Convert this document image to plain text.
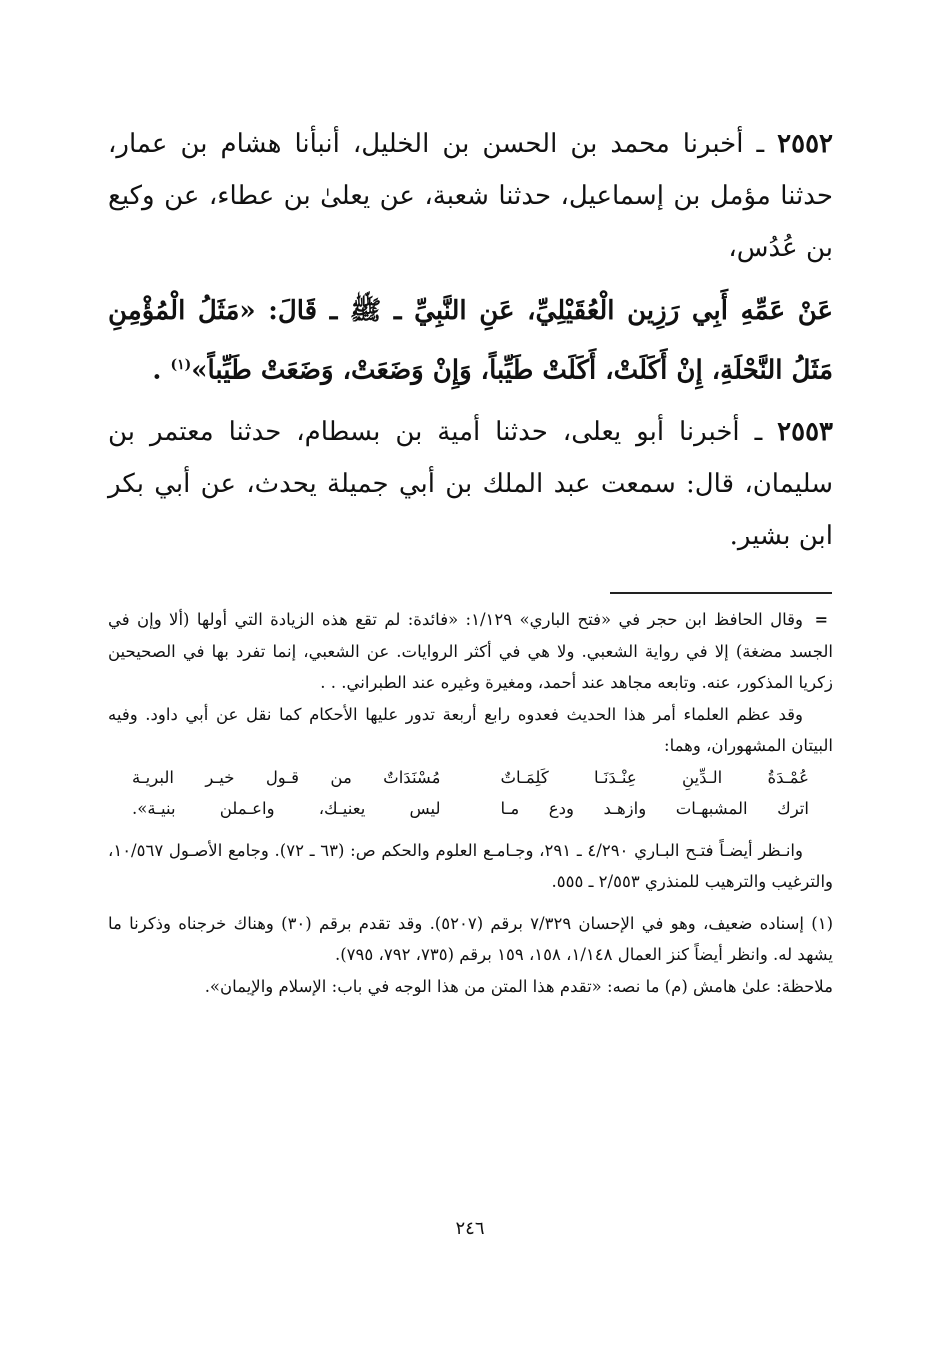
٢٥٥٢ ـ أخبرنا محمد بن الحسن بن الخليل، أنبأنا هشام بن عمار، حدثنا مؤمل بن إسماعيل، حدثنا شعبة، عن يعلىٰ بن عطاء، عن وكيع بن عُدُس،

عَنْ عَمِّهِ أَبِي رَزِين الْعُقَيْلِيِّ، عَنِ النَّبِيِّ ـ ﷺ ـ قَالَ: «مَثَلُ الْمُؤْمِنِ مَثَلُ النَّحْلَةِ، إِنْ أَكَلَتْ، أَكَلَتْ طَيِّباً، وَإِنْ وَضَعَتْ، وَضَعَتْ طَيِّباً»$^{(١)}$ .

٢٥٥٣ ـ أخبرنا أبو يعلى، حدثنا أمية بن بسطام، حدثنا معتمر بن سليمان، قال: سمعت عبد الملك بن أبي جميلة يحدث، عن أبي بكر ابن بشير.

=

وقال الحافظ ابن حجر في «فتح الباري» ١/١٢٩: «فائدة: لم تقع هذه الزيادة التي أولها (ألا وإن في الجسد مضغة) إلا في رواية الشعبي. ولا هي في أكثر الروايات. عن الشعبي، إنما تفرد بها في الصحيحين زكريا المذكور، عنه. وتابعه مجاهد عند أحمد، ومغيرة وغيره عند الطبراني. . .

وقد عظم العلماء أمر هذا الحديث فعدوه رابع أربعة تدور عليها الأحكام كما نقل عن أبي داود. وفيه البيتان المشهوران، وهما:

عُمْـدَةُ الـدِّينِ عِنْـدَنَـا كَلِمَـاتٌ

مُسْنَدَاتٌ من قـول خيـر البريـة

اترك المشبهـات وازهـد ودع مـا

ليس يعنيـك، واعـملن بنيـة».

وانـظر أيضـاً فتـح البـاري ٤/٢٩٠ ـ ٢٩١، وجـامـع العلوم والحكم ص: (٦٣ ـ ٧٢). وجامع الأصـول ١٠/٥٦٧، والترغيب والترهيب للمنذري ٢/٥٥٣ ـ ٥٥٥.

(١) إسناده ضعيف، وهو في الإحسان ٧/٣٢٩ برقم (٥٢٠٧). وقد تقدم برقم (٣٠) وهناك خرجناه وذكرنا ما يشهد له. وانظر أيضاً كنز العمال ١/١٤٨، ١٥٨، ١٥٩ برقم (٧٣٥، ٧٩٢، ٧٩٥).

ملاحظة: علىٰ هامش (م) ما نصه: «تقدم هذا المتن من هذا الوجه في باب: الإسلام والإيمان».

٢٤٦
